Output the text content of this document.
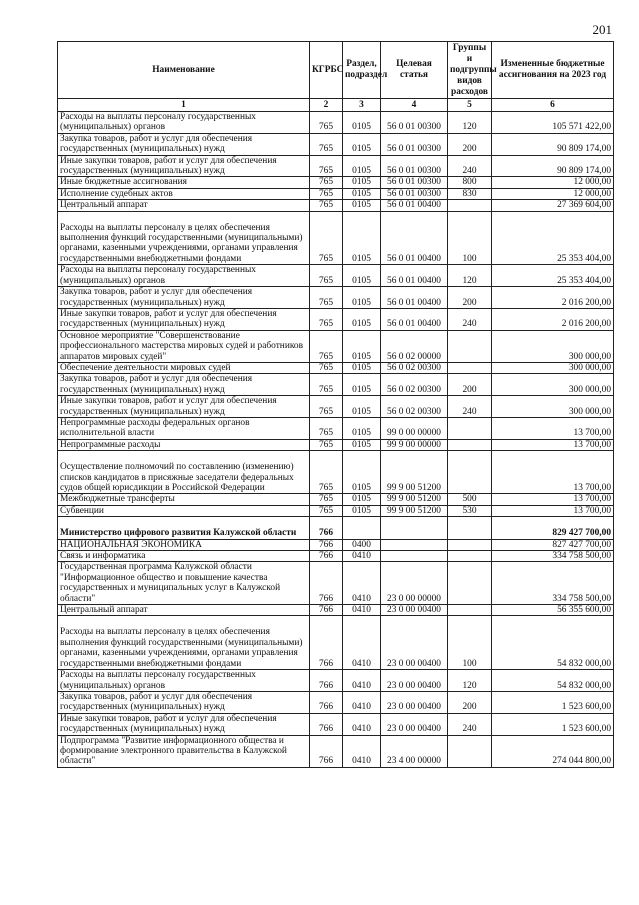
201
Наименование	КГРБС	Раздел, подраздел	Целевая статья	Группы и подгруппы видов расходов	Измененные бюджетные ассигнования на 2023 год
1	2	3	4	5	6
Расходы на выплаты персоналу государственных (муниципальных) органов	765	0105	56 0 01 00300	120	105 571 422,00
Закупка товаров, работ и услуг для обеспечения государственных (муниципальных) нужд	765	0105	56 0 01 00300	200	90 809 174,00
Иные закупки товаров, работ и услуг для обеспечения государственных (муниципальных) нужд	765	0105	56 0 01 00300	240	90 809 174,00
Иные бюджетные ассигнования	765	0105	56 0 01 00300	800	12 000,00
Исполнение судебных актов	765	0105	56 0 01 00300	830	12 000,00
Центральный аппарат	765	0105	56 0 01 00400		27 369 604,00
Расходы на выплаты персоналу в целях обеспечения выполнения функций государственными (муниципальными) органами, казенными учреждениями, органами управления государственными внебюджетными фондами	765	0105	56 0 01 00400	100	25 353 404,00
Расходы на выплаты персоналу государственных (муниципальных) органов	765	0105	56 0 01 00400	120	25 353 404,00
Закупка товаров, работ и услуг для обеспечения государственных (муниципальных) нужд	765	0105	56 0 01 00400	200	2 016 200,00
Иные закупки товаров, работ и услуг для обеспечения государственных (муниципальных) нужд	765	0105	56 0 01 00400	240	2 016 200,00
Основное мероприятие "Совершенствование профессионального мастерства мировых судей и работников аппаратов мировых судей"	765	0105	56 0 02 00000		300 000,00
Обеспечение деятельности мировых судей	765	0105	56 0 02 00300		300 000,00
Закупка товаров, работ и услуг для обеспечения государственных (муниципальных) нужд	765	0105	56 0 02 00300	200	300 000,00
Иные закупки товаров, работ и услуг для обеспечения государственных (муниципальных) нужд	765	0105	56 0 02 00300	240	300 000,00
Непрограммные расходы федеральных органов исполнительной власти	765	0105	99 0 00 00000		13 700,00
Непрограммные расходы	765	0105	99 9 00 00000		13 700,00
Осуществление полномочий по составлению (изменению) списков кандидатов в присяжные заседатели федеральных судов общей юрисдикции в Российской Федерации	765	0105	99 9 00 51200		13 700,00
Межбюджетные трансферты	765	0105	99 9 00 51200	500	13 700,00
Субвенции	765	0105	99 9 00 51200	530	13 700,00
Министерство цифрового развития Калужской области	766				829 427 700,00
НАЦИОНАЛЬНАЯ ЭКОНОМИКА	766	0400			827 427 700,00
Связь и информатика	766	0410			334 758 500,00
Государственная программа Калужской области "Информационное общество и повышение качества государственных и муниципальных услуг в Калужской области"	766	0410	23 0 00 00000		334 758 500,00
Центральный аппарат	766	0410	23 0 00 00400		56 355 600,00
Расходы на выплаты персоналу в целях обеспечения выполнения функций государственными (муниципальными) органами, казенными учреждениями, органами управления государственными внебюджетными фондами	766	0410	23 0 00 00400	100	54 832 000,00
Расходы на выплаты персоналу государственных (муниципальных) органов	766	0410	23 0 00 00400	120	54 832 000,00
Закупка товаров, работ и услуг для обеспечения государственных (муниципальных) нужд	766	0410	23 0 00 00400	200	1 523 600,00
Иные закупки товаров, работ и услуг для обеспечения государственных (муниципальных) нужд	766	0410	23 0 00 00400	240	1 523 600,00
Подпрограмма "Развитие информационного общества и формирование электронного правительства в Калужской области"	766	0410	23 4 00 00000		274 044 800,00
